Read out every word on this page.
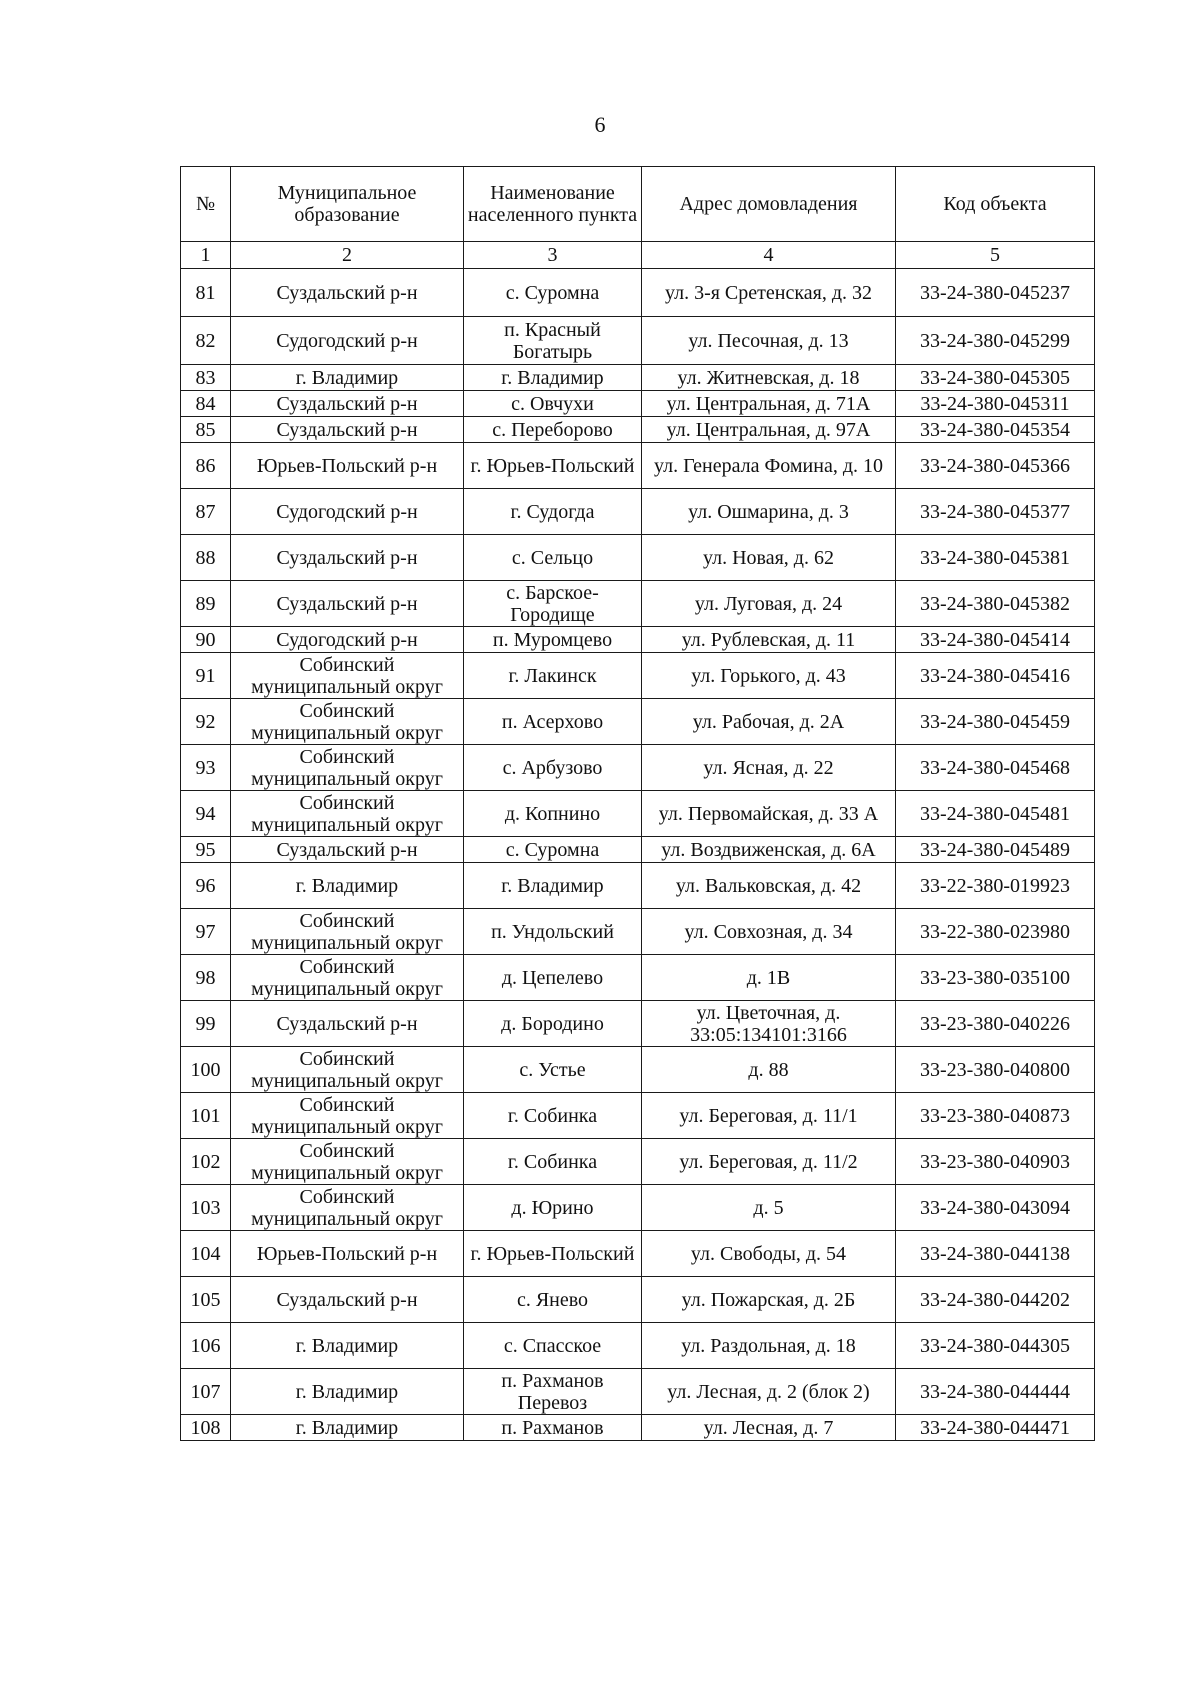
6
№	Муниципальное образование	Наименование населенного пункта	Адрес домовладения	Код объекта
1	2	3	4	5
81	Суздальский р-н	с. Суромна	ул. 3-я Сретенская, д. 32	33-24-380-045237
82	Судогодский р-н	п. Красный Богатырь	ул. Песочная, д. 13	33-24-380-045299
83	г. Владимир	г. Владимир	ул. Житневская, д. 18	33-24-380-045305
84	Суздальский р-н	с. Овчухи	ул. Центральная, д. 71А	33-24-380-045311
85	Суздальский р-н	с. Переборово	ул. Центральная, д. 97А	33-24-380-045354
86	Юрьев-Польский р-н	г. Юрьев-Польский	ул. Генерала Фомина, д. 10	33-24-380-045366
87	Судогодский р-н	г. Судогда	ул. Ошмарина, д. 3	33-24-380-045377
88	Суздальский р-н	с. Сельцо	ул. Новая, д. 62	33-24-380-045381
89	Суздальский р-н	с. Барское-Городище	ул. Луговая, д. 24	33-24-380-045382
90	Судогодский р-н	п. Муромцево	ул. Рублевская, д. 11	33-24-380-045414
91	Собинский муниципальный округ	г. Лакинск	ул. Горького, д. 43	33-24-380-045416
92	Собинский муниципальный округ	п. Асерхово	ул. Рабочая, д. 2А	33-24-380-045459
93	Собинский муниципальный округ	с. Арбузово	ул. Ясная, д. 22	33-24-380-045468
94	Собинский муниципальный округ	д. Копнино	ул. Первомайская, д. 33 А	33-24-380-045481
95	Суздальский р-н	с. Суромна	ул. Воздвиженская, д. 6А	33-24-380-045489
96	г. Владимир	г. Владимир	ул. Вальковская, д. 42	33-22-380-019923
97	Собинский муниципальный округ	п. Ундольский	ул. Совхозная, д. 34	33-22-380-023980
98	Собинский муниципальный округ	д. Цепелево	д. 1В	33-23-380-035100
99	Суздальский р-н	д. Бородино	ул. Цветочная, д. 33:05:134101:3166	33-23-380-040226
100	Собинский муниципальный округ	с. Устье	д. 88	33-23-380-040800
101	Собинский муниципальный округ	г. Собинка	ул. Береговая, д. 11/1	33-23-380-040873
102	Собинский муниципальный округ	г. Собинка	ул. Береговая, д. 11/2	33-23-380-040903
103	Собинский муниципальный округ	д. Юрино	д. 5	33-24-380-043094
104	Юрьев-Польский р-н	г. Юрьев-Польский	ул. Свободы, д. 54	33-24-380-044138
105	Суздальский р-н	с. Янево	ул. Пожарская, д. 2Б	33-24-380-044202
106	г. Владимир	с. Спасское	ул. Раздольная, д. 18	33-24-380-044305
107	г. Владимир	п. Рахманов Перевоз	ул. Лесная, д. 2 (блок 2)	33-24-380-044444
108	г. Владимир	п. Рахманов	ул. Лесная, д. 7	33-24-380-044471
